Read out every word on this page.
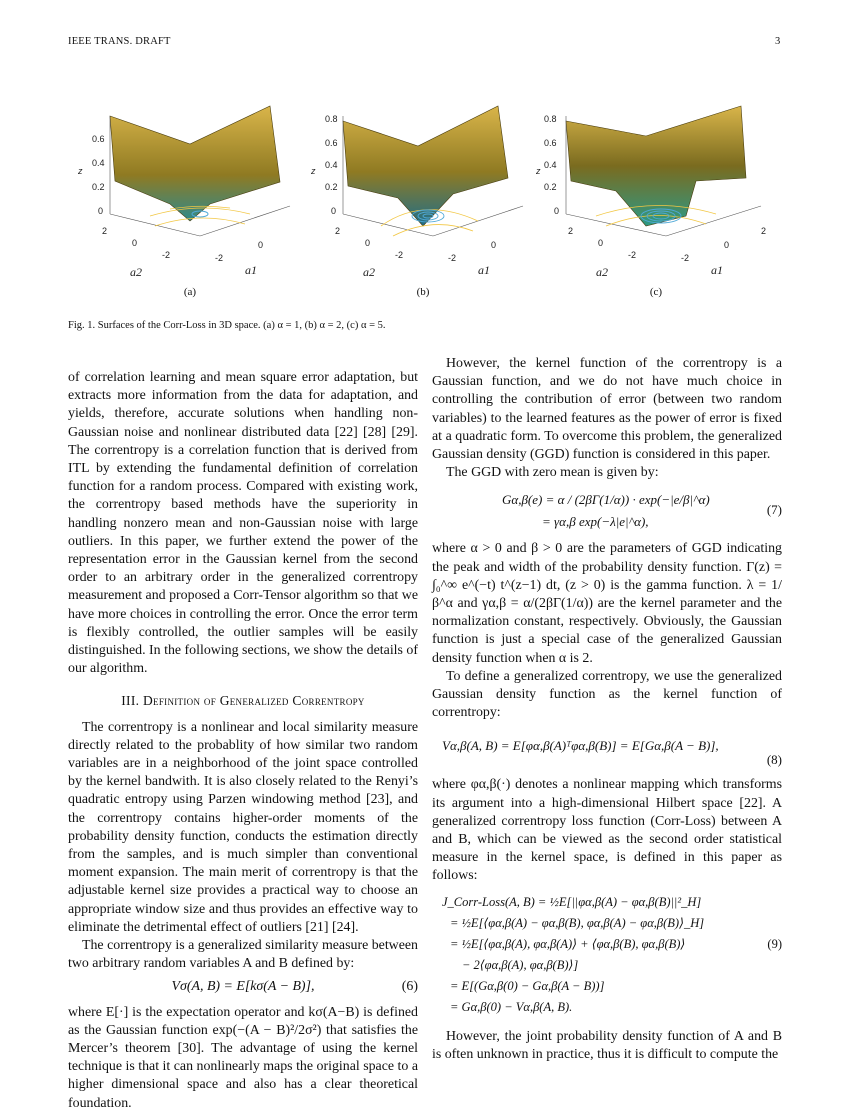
IEEE TRANS. DRAFT	3
0.6
0.4
0.2
0
z
2
0
-2
a2
-2
0
a1
(a)
0.8
0.6
0.4
0.2
0
z
2
0
-2
a2
-2
0
a1
(b)
0.8
0.6
0.4
0.2
0
z
2
0
-2
a2
-2
0
2
a1
(c)
Fig. 1. Surfaces of the Corr-Loss in 3D space. (a) α = 1, (b) α = 2, (c) α = 5.

of correlation learning and mean square error adaptation, but extracts more information from the data for adaptation, and yields, therefore, accurate solutions when handling non-Gaussian noise and nonlinear distributed data [22] [28] [29]. The correntropy is a correlation function that is derived from ITL by extending the fundamental definition of correlation function for a random process. Compared with existing work, the correntropy based methods have the superiority in handling nonzero mean and non-Gaussian noise with large outliers. In this paper, we further extend the power of the representation error in the Gaussian kernel from the second order to an arbitrary order in the generalized correntropy measurement and proposed a Corr-Tensor algorithm so that we have more choices in controlling the error. Once the error term is flexibly controlled, the outlier samples will be easily distinguished. In the following sections, we show the details of our algorithm.

III. Definition of Generalized Correntropy

The correntropy is a nonlinear and local similarity measure directly related to the probablity of how similar two random variables are in a neighborhood of the joint space controlled by the kernel bandwith. It is also closely related to the Renyi’s quadratic entropy using Parzen windowing method [23], and the correntropy contains higher-order moments of the probability density function, conducts the estimation directly from the samples, and is much simpler than conventional moment expansion. The main merit of correntropy is that the adjustable kernel size provides a practical way to choose an appropriate window size and thus provides an effective way to eliminate the detrimental effect of outliers [21] [24].

The correntropy is a generalized similarity measure between two arbitrary random variables A and B defined by:

Vσ(A, B) = E[kσ(A − B)],	(6)

where E[·] is the expectation operator and kσ(A−B) is defined as the Gaussian function exp(−(A − B)²/2σ²) that satisfies the Mercer’s theorem [30]. The advantage of using the kernel technique is that it can nonlinearly maps the original space to a higher dimensional space and also has a clear theoretical foundation.

However, the kernel function of the correntropy is a Gaussian function, and we do not have much choice in controlling the contribution of error (between two random variables) to the learned features as the power of error is fixed at a quadratic form. To overcome this problem, the generalized Gaussian density (GGD) function is considered in this paper.

The GGD with zero mean is given by:

Gα,β(e) = α / (2βΓ(1/α)) · exp(−|e/β|^α)
= γα,β exp(−λ|e|^α),
(7)

where α > 0 and β > 0 are the parameters of GGD indicating the peak and width of the probability density function. Γ(z) = ∫₀^∞ e^(−t) t^(z−1) dt, (z > 0) is the gamma function. λ = 1/β^α and γα,β = α/(2βΓ(1/α)) are the kernel parameter and the normalization constant, respectively. Obviously, the Gaussian function is just a special case of the generalized Gaussian density function when α is 2.

To define a generalized correntropy, we use the generalized Gaussian density function as the kernel function of correntropy:

Vα,β(A, B) = E[φα,β(A)ᵀφα,β(B)] = E[Gα,β(A − B)],
(8)

where φα,β(·) denotes a nonlinear mapping which transforms its argument into a high-dimensional Hilbert space [22]. A generalized correntropy loss function (Corr-Loss) between A and B, which can be viewed as the second order statistical measure in the kernel space, is defined in this paper as follows:

J_Corr-Loss(A, B) = ½E[||φα,β(A) − φα,β(B)||²_H]
= ½E[⟨φα,β(A) − φα,β(B), φα,β(A) − φα,β(B)⟩_H]
= ½E[⟨φα,β(A), φα,β(A)⟩ + ⟨φα,β(B), φα,β(B)⟩
− 2⟨φα,β(A), φα,β(B)⟩]
= E[(Gα,β(0) − Gα,β(A − B))]
= Gα,β(0) − Vα,β(A, B).
(9)

However, the joint probability density function of A and B is often unknown in practice, thus it is difficult to compute the
